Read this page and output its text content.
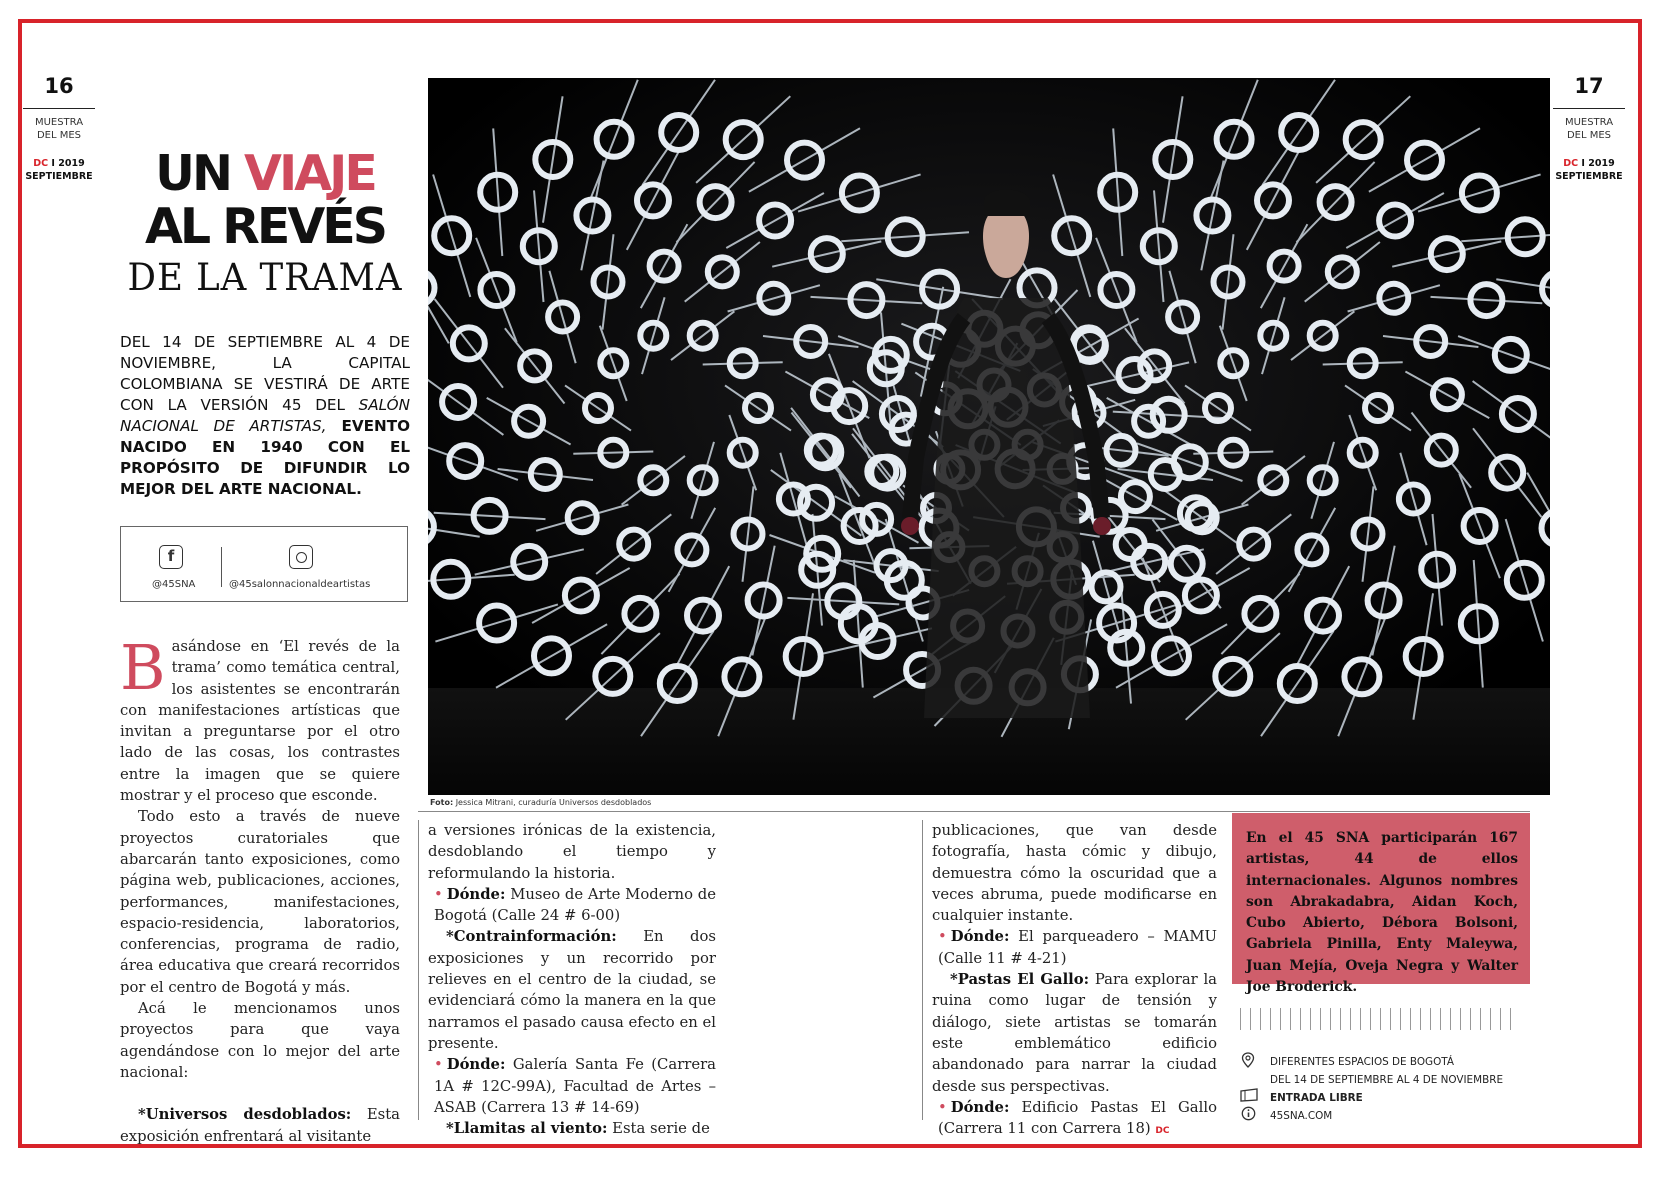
16
MUESTRA
DEL MES
DC I 2019
SEPTIEMBRE
17
MUESTRA
DEL MES
DC I 2019
SEPTIEMBRE
UN VIAJE
AL REVÉS
DE LA TRAMA

DEL 14 DE SEPTIEMBRE AL 4 DE NOVIEMBRE, LA CAPITAL COLOMBIANA SE VESTIRÁ DE ARTE CON LA VERSIÓN 45 DEL SALÓN NACIONAL DE ARTISTAS, EVENTO NACIDO EN 1940 CON EL PROPÓSITO DE DIFUNDIR LO MEJOR DEL ARTE NACIONAL.

f
@45SNA	@45salonnacionaldeartistas

Basándose en ‘El revés de la trama’ como temática central, los asistentes se encontrarán con manifestaciones artísticas que invitan a preguntarse por el otro lado de las cosas, los contrastes entre la imagen que se quiere mostrar y el proceso que esconde.

Todo esto a través de nueve proyectos curatoriales que abarcarán tanto exposiciones, como página web, publicaciones, acciones, performances, manifestaciones, espacio-residencia, laboratorios, conferencias, programa de radio, área educativa que creará recorridos por el centro de Bogotá y más.

Acá le mencionamos unos proyectos para que vaya agendándose con lo mejor del arte nacional:

*Universos desdoblados: Esta exposición enfrentará al visitante

a versiones irónicas de la existencia, desdoblando el tiempo y reformulando la historia.

• Dónde: Museo de Arte Moderno de Bogotá (Calle 24 # 6-00)

*Contrainformación: En dos exposiciones y un recorrido por relieves en el centro de la ciudad, se evidenciará cómo la manera en la que narramos el pasado causa efecto en el presente.

• Dónde: Galería Santa Fe (Carrera 1A # 12C-99A), Facultad de Artes – ASAB (Carrera 13 # 14-69)

*Llamitas al viento: Esta serie de

publicaciones, que van desde fotografía, hasta cómic y dibujo, demuestra cómo la oscuridad que a veces abruma, puede modificarse en cualquier instante.

• Dónde: El parqueadero – MAMU (Calle 11 # 4-21)

*Pastas El Gallo: Para explorar la ruina como lugar de tensión y diálogo, siete artistas se tomarán este emblemático edificio abandonado para narrar la ciudad desde sus perspectivas.

• Dónde: Edificio Pastas El Gallo (Carrera 11 con Carrera 18) DC

Foto: Jessica Mitrani, curaduría Universos desdoblados

En el 45 SNA participarán 167 artistas, 44 de ellos internacionales. Algunos nombres son Abrakadabra, Aidan Koch, Cubo Abierto, Débora Bolsoni, Gabriela Pinilla, Enty Maleywa, Juan Mejía, Oveja Negra y Walter Joe Broderick.

DIFERENTES ESPACIOS DE BOGOTÁ
DEL 14 DE SEPTIEMBRE AL 4 DE NOVIEMBRE
ENTRADA LIBRE
45SNA.COM
